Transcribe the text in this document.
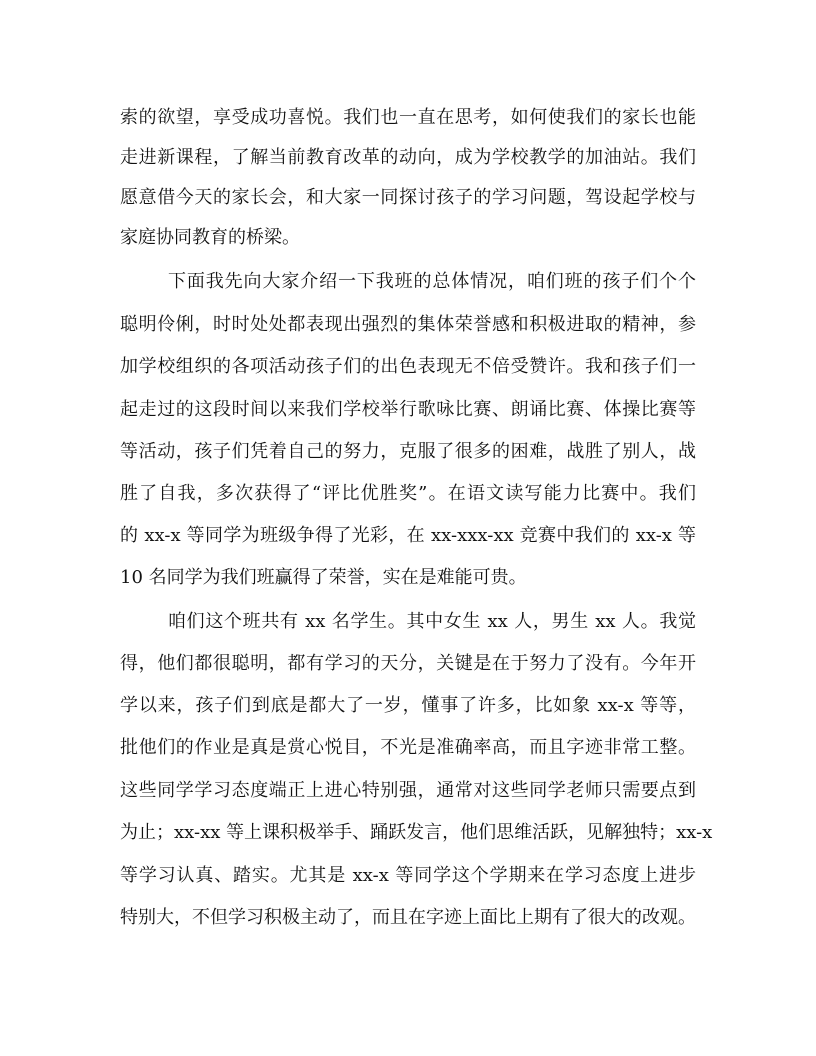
索的欲望，享受成功喜悦。我们也一直在思考，如何使我们的家长也能
走进新课程，了解当前教育改革的动向，成为学校教学的加油站。我们
愿意借今天的家长会，和大家一同探讨孩子的学习问题，驾设起学校与
家庭协同教育的桥梁。
下面我先向大家介绍一下我班的总体情况，咱们班的孩子们个个
聪明伶俐，时时处处都表现出强烈的集体荣誉感和积极进取的精神，参
加学校组织的各项活动孩子们的出色表现无不倍受赞许。我和孩子们一
起走过的这段时间以来我们学校举行歌咏比赛、朗诵比赛、体操比赛等
等活动，孩子们凭着自己的努力，克服了很多的困难，战胜了别人，战
胜了自我，多次获得了“评比优胜奖”。在语文读写能力比赛中。我们
的 xx-x 等同学为班级争得了光彩，在 xx-xxx-xx 竞赛中我们的 xx-x 等
10 名同学为我们班赢得了荣誉，实在是难能可贵。
咱们这个班共有 xx 名学生。其中女生 xx 人，男生 xx 人。我觉
得，他们都很聪明，都有学习的天分，关键是在于努力了没有。今年开
学以来，孩子们到底是都大了一岁，懂事了许多，比如象 xx-x 等等，
批他们的作业是真是赏心悦目，不光是准确率高，而且字迹非常工整。
这些同学学习态度端正上进心特别强，通常对这些同学老师只需要点到
为止；xx-xx 等上课积极举手、踊跃发言，他们思维活跃，见解独特；xx-x
等学习认真、踏实。尤其是 xx-x 等同学这个学期来在学习态度上进步
特别大，不但学习积极主动了，而且在字迹上面比上期有了很大的改观。
